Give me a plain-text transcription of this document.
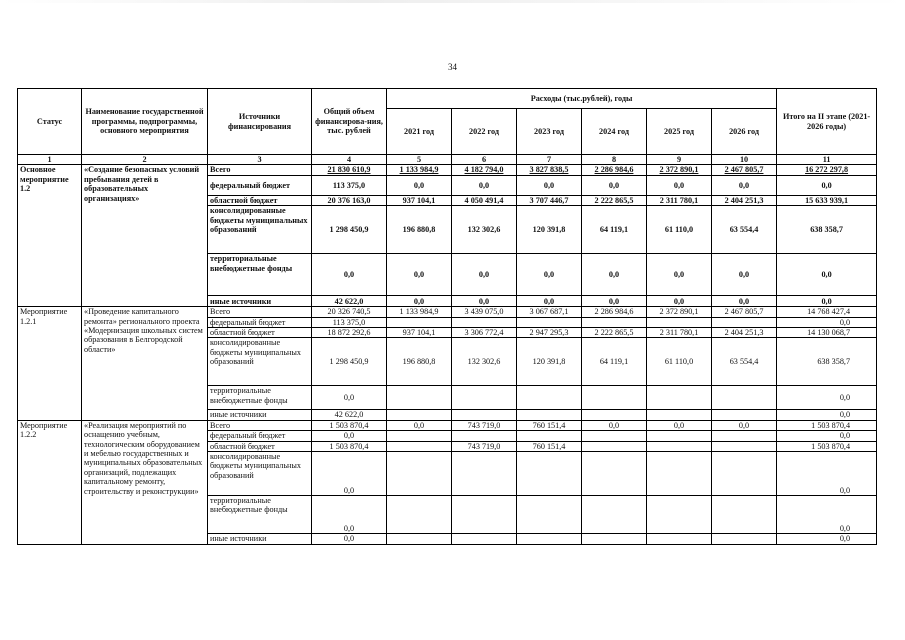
34
Статус	Наименование государственной программы, подпрограммы, основного мероприятия	Источники финансирования	Общий объем финансирова-ния, тыс. рублей	Расходы (тыс.рублей), годы						Итого на II этапе (2021-2026 годы)
				2021 год	2022 год	2023 год	2024 год	2025 год	2026 год	
1	2	3	4	5	6	7	8	9	10	11
Основное мероприятие 1.2	«Создание безопасных условий пребывания детей в образовательных организациях»	Всего	21 830 610,9	1 133 984,9	4 182 794,0	3 827 838,5	2 286 984,6	2 372 890,1	2 467 805,7	16 272 297,8
		федеральный бюджет	113 375,0	0,0	0,0	0,0	0,0	0,0	0,0	0,0
		областной бюджет	20 376 163,0	937 104,1	4 050 491,4	3 707 446,7	2 222 865,5	2 311 780,1	2 404 251,3	15 633 939,1
		консолидированные бюджеты муниципальных образований	1 298 450,9	196 880,8	132 302,6	120 391,8	64 119,1	61 110,0	63 554,4	638 358,7
		территориальные внебюджетные фонды	0,0	0,0	0,0	0,0	0,0	0,0	0,0	0,0
		иные источники	42 622,0	0,0	0,0	0,0	0,0	0,0	0,0	0,0
Мероприятие 1.2.1	«Проведение капитального ремонта» регионального проекта «Модернизация школьных систем образования в Белгородской области»	Всего	20 326 740,5	1 133 984,9	3 439 075,0	3 067 687,1	2 286 984,6	2 372 890,1	2 467 805,7	14 768 427,4
		федеральный бюджет	113 375,0							0,0
		областной бюджет	18 872 292,6	937 104,1	3 306 772,4	2 947 295,3	2 222 865,5	2 311 780,1	2 404 251,3	14 130 068,7
		консолидированные бюджеты муниципальных образований	1 298 450,9	196 880,8	132 302,6	120 391,8	64 119,1	61 110,0	63 554,4	638 358,7
		территориальные внебюджетные фонды	0,0							0,0
		иные источники	42 622,0							0,0
Мероприятие 1.2.2	«Реализация мероприятий по оснащению учебным, технологическим оборудованием и мебелью государственных и муниципальных образовательных организаций, подлежащих капитальному ремонту, строительству и реконструкции»	Всего	1 503 870,4	0,0	743 719,0	760 151,4	0,0	0,0	0,0	1 503 870,4
		федеральный бюджет	0,0							0,0
		областной бюджет	1 503 870,4		743 719,0	760 151,4				1 503 870,4
		консолидированные бюджеты муниципальных образований	0,0							0,0
		территориальные внебюджетные фонды	0,0							0,0
		иные источники	0,0							0,0
